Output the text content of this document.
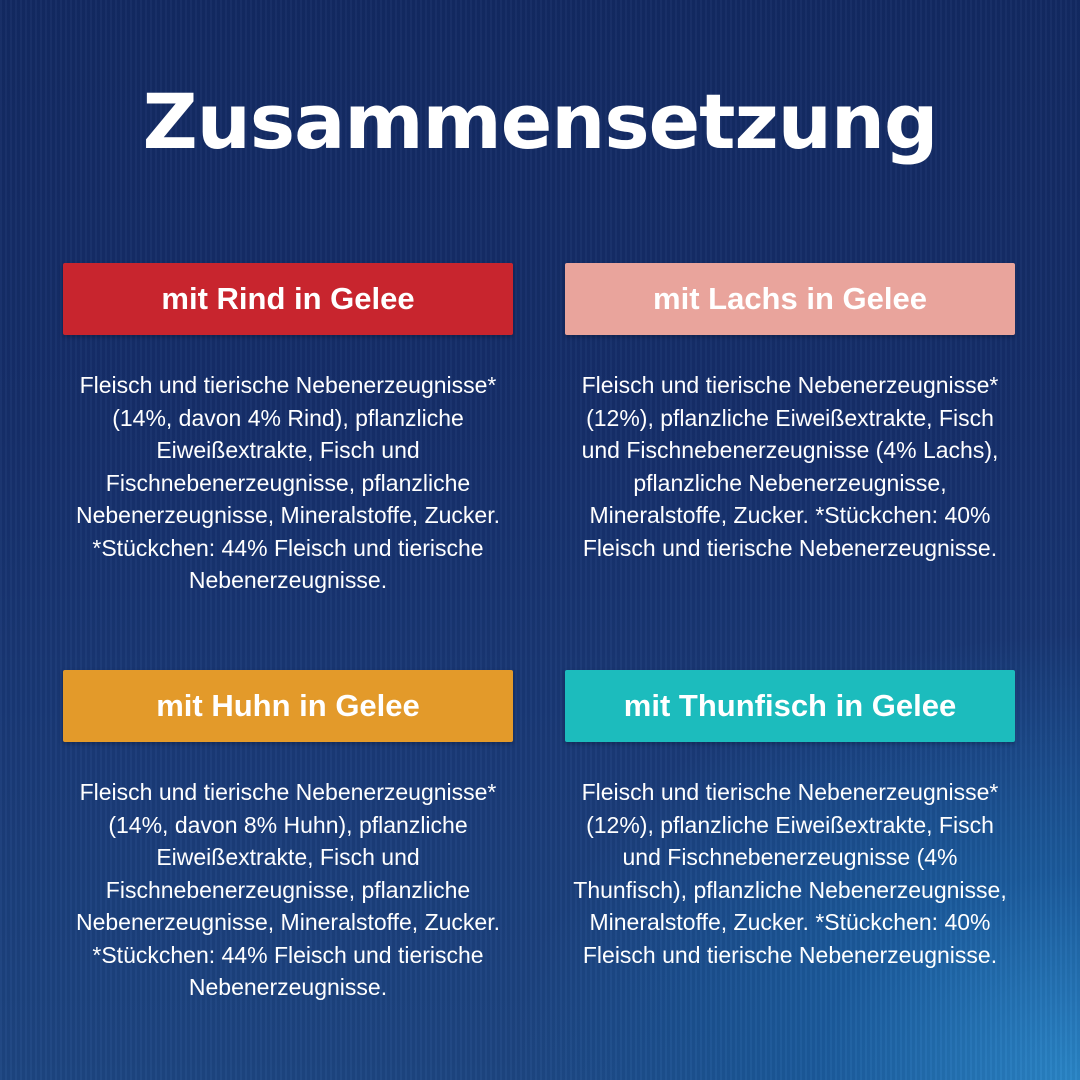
Zusammensetzung
mit Rind in Gelee
Fleisch und tierische Nebenerzeugnisse* (14%, davon 4% Rind), pflanzliche Eiweißextrakte, Fisch und Fischnebenerzeugnisse, pflanzliche Nebenerzeugnisse, Mineralstoffe, Zucker. *Stückchen: 44% Fleisch und tierische Nebenerzeugnisse.
mit Lachs in Gelee
Fleisch und tierische Nebenerzeugnisse* (12%), pflanzliche Eiweißextrakte, Fisch und Fischnebenerzeugnisse (4% Lachs), pflanzliche Nebenerzeugnisse, Mineralstoffe, Zucker. *Stückchen: 40% Fleisch und tierische Nebenerzeugnisse.
mit Huhn in Gelee
Fleisch und tierische Nebenerzeugnisse* (14%, davon 8% Huhn), pflanzliche Eiweißextrakte, Fisch und Fischnebenerzeugnisse, pflanzliche Nebenerzeugnisse, Mineralstoffe, Zucker. *Stückchen: 44% Fleisch und tierische Nebenerzeugnisse.
mit Thunfisch in Gelee
Fleisch und tierische Nebenerzeugnisse* (12%), pflanzliche Eiweißextrakte, Fisch und Fischnebenerzeugnisse (4% Thunfisch), pflanzliche Nebenerzeugnisse, Mineralstoffe, Zucker. *Stückchen: 40% Fleisch und tierische Nebenerzeugnisse.
